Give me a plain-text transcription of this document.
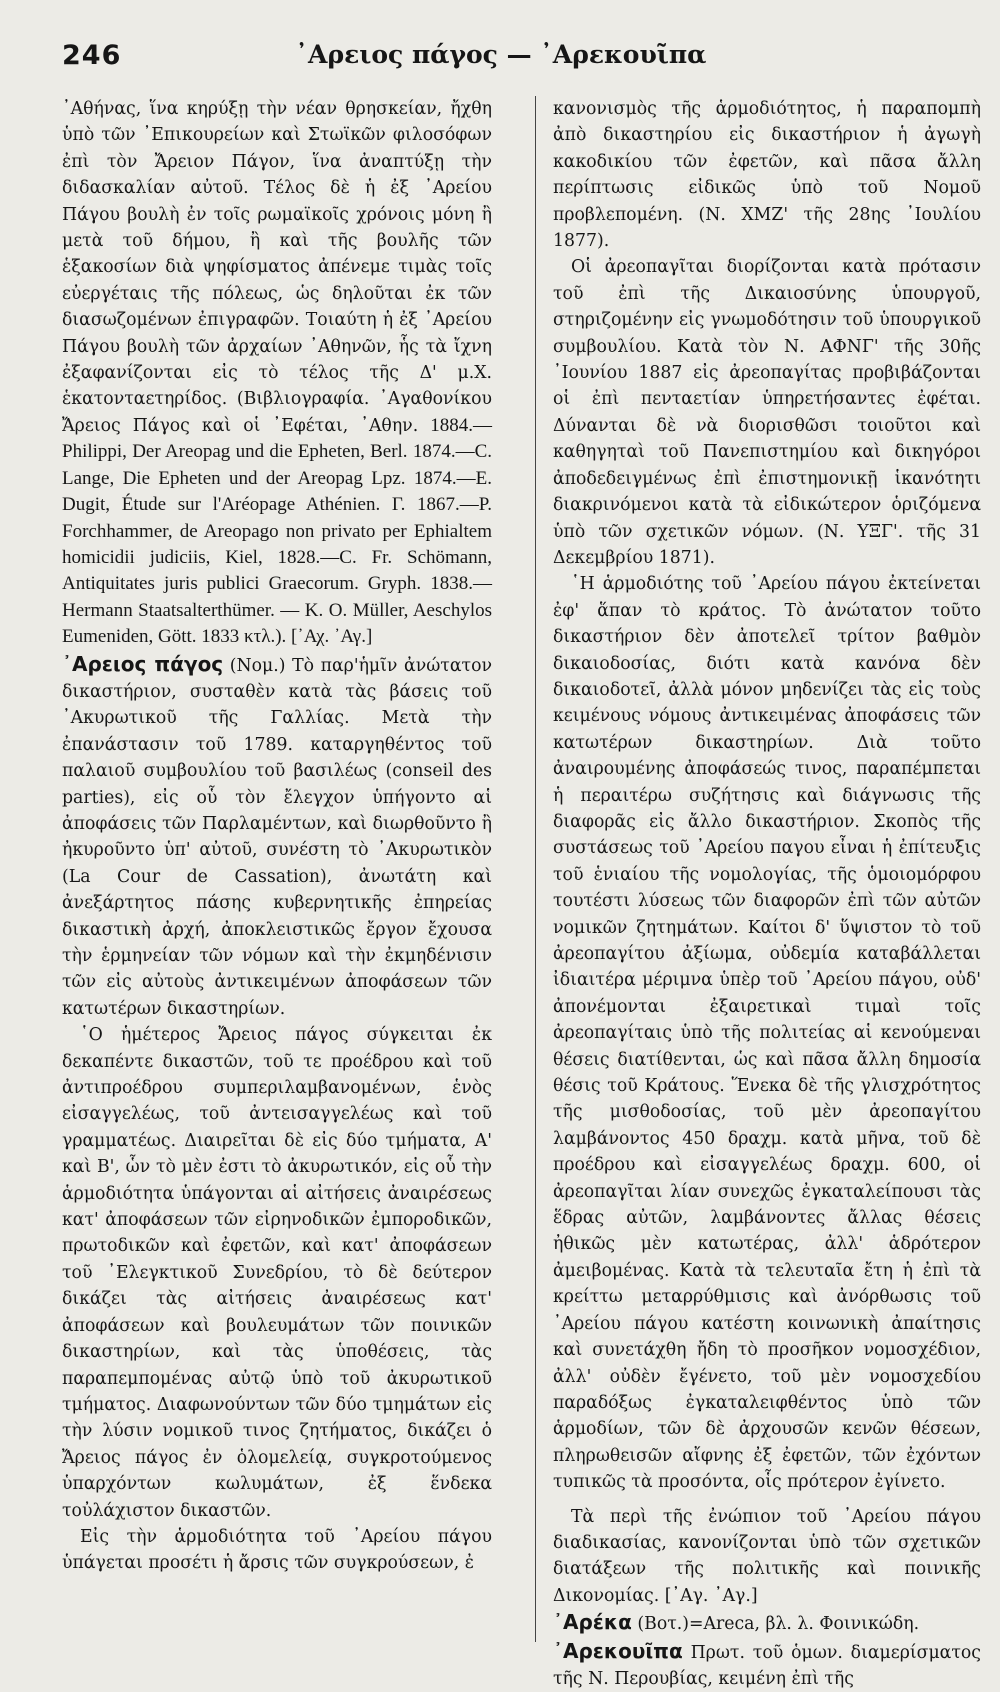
246	᾿Αρειος πάγος — ᾿Αρεκουῖπα

᾿Αθήνας, ἵνα κηρύξῃ τὴν νέαν θρησκείαν, ἤχθη ὑπὸ τῶν ᾿Επικουρείων καὶ Στωϊκῶν φιλοσόφων ἐπὶ τὸν Ἄρειον Πάγον, ἵνα ἀναπτύξῃ τὴν διδασκαλίαν αὐτοῦ. Τέλος δὲ ἡ ἐξ ᾿Αρείου Πάγου βουλὴ ἐν τοῖς ρωμαϊκοῖς χρόνοις μόνη ἢ μετὰ τοῦ δήμου, ἢ καὶ τῆς βουλῆς τῶν ἑξακοσίων διὰ ψηφίσματος ἀπένεμε τιμὰς τοῖς εὐεργέταις τῆς πόλεως, ὡς δηλοῦται ἐκ τῶν διασωζομένων ἐπιγραφῶν. Τοιαύτη ἡ ἐξ ᾿Αρείου Πάγου βουλὴ τῶν ἀρχαίων ᾿Αθηνῶν, ἧς τὰ ἴχνη ἐξαφανίζονται εἰς τὸ τέλος τῆς Δ' μ.Χ. ἑκατονταετηρίδος. (Βιβλιογραφία. ᾿Αγαθονίκου Ἄρειος Πάγος καὶ οἱ ᾿Εφέται, ᾿Αθην. 1884.—Philippi, Der Areopag und die Epheten, Berl. 1874.—C. Lange, Die Epheten und der Areopag Lpz. 1874.—E. Dugit, Étude sur l'Aréopage Athénien. Γ. 1867.—P. Forchhammer, de Areopago non privato per Ephialtem homicidii judiciis, Kiel, 1828.—C. Fr. Schömann, Antiquitates juris publici Graecorum. Gryph. 1838.—Hermann Staatsalterthümer. — K. O. Müller, Aeschylos Eumeniden, Gött. 1833 κτλ.). [᾿Αχ. ᾿Αγ.]

᾿Αρειος πάγος (Νομ.) Τὸ παρ'ἡμῖν ἀνώτατον δικαστήριον, συσταθὲν κατὰ τὰς βάσεις τοῦ ᾿Ακυρωτικοῦ τῆς Γαλλίας. Μετὰ τὴν ἐπανάστασιν τοῦ 1789. καταργηθέντος τοῦ παλαιοῦ συμβουλίου τοῦ βασιλέως (conseil des parties), εἰς οὗ τὸν ἔλεγχον ὑπήγοντο αἱ ἀποφάσεις τῶν Παρλαμέντων, καὶ διωρθοῦντο ἢ ἠκυροῦντο ὑπ' αὐτοῦ, συνέστη τὸ ᾿Ακυρωτικὸν (La Cour de Cassation), ἀνωτάτη καὶ ἀνεξάρτητος πάσης κυβερνητικῆς ἐπηρείας δικαστικὴ ἀρχή, ἀποκλειστικῶς ἔργον ἔχουσα τὴν ἑρμηνείαν τῶν νόμων καὶ τὴν ἐκμηδένισιν τῶν εἰς αὐτοὺς ἀντικειμένων ἀποφάσεων τῶν κατωτέρων δικαστηρίων.

῾Ο ἡμέτερος Ἄρειος πάγος σύγκειται ἐκ δεκαπέντε δικαστῶν, τοῦ τε προέδρου καὶ τοῦ ἀντιπροέδρου συμπεριλαμβανομένων, ἑνὸς εἰσαγγελέως, τοῦ ἀντεισαγγελέως καὶ τοῦ γραμματέως. Διαιρεῖται δὲ εἰς δύο τμήματα, Α' καὶ Β', ὧν τὸ μὲν ἐστι τὸ ἀκυρωτικόν, εἰς οὗ τὴν ἁρμοδιότητα ὑπάγονται αἱ αἰτήσεις ἀναιρέσεως κατ' ἀποφάσεων τῶν εἰρηνοδικῶν ἐμποροδικῶν, πρωτοδικῶν καὶ ἐφετῶν, καὶ κατ' ἀποφάσεων τοῦ ᾿Ελεγκτικοῦ Συνεδρίου, τὸ δὲ δεύτερον δικάζει τὰς αἰτήσεις ἀναιρέσεως κατ' ἀποφάσεων καὶ βουλευμάτων τῶν ποινικῶν δικαστηρίων, καὶ τὰς ὑποθέσεις, τὰς παραπεμπομένας αὐτῷ ὑπὸ τοῦ ἀκυρωτικοῦ τμήματος. Διαφωνούντων τῶν δύο τμημάτων εἰς τὴν λύσιν νομικοῦ τινος ζητήματος, δικάζει ὁ Ἄρειος πάγος ἐν ὁλομελείᾳ, συγκροτούμενος ὑπαρχόντων κωλυμάτων, ἐξ ἕνδεκα τοὐλάχιστον δικαστῶν.

Εἰς τὴν ἁρμοδιότητα τοῦ ᾿Αρείου πάγου ὑπάγεται προσέτι ἡ ἄρσις τῶν συγκρούσεων, ἐ

κανονισμὸς τῆς ἁρμοδιότητος, ἡ παραπομπὴ ἀπὸ δικαστηρίου εἰς δικαστήριον ἡ ἀγωγὴ κακοδικίου τῶν ἐφετῶν, καὶ πᾶσα ἄλλη περίπτωσις εἰδικῶς ὑπὸ τοῦ Νομοῦ προβλεπομένη. (Ν. ΧΜΖ' τῆς 28ης ᾿Ιουλίου 1877).

Οἱ ἀρεοπαγῖται διορίζονται κατὰ πρότασιν τοῦ ἐπὶ τῆς Δικαιοσύνης ὑπουργοῦ, στηριζομένην εἰς γνωμοδότησιν τοῦ ὑπουργικοῦ συμβουλίου. Κατὰ τὸν Ν. ΑΦΝΓ' τῆς 30ῆς ᾿Ιουνίου 1887 εἰς ἀρεοπαγίτας προβιβάζονται οἱ ἐπὶ πενταετίαν ὑπηρετήσαντες ἐφέται. Δύνανται δὲ νὰ διορισθῶσι τοιοῦτοι καὶ καθηγηταὶ τοῦ Πανεπιστημίου καὶ δικηγόροι ἀποδεδειγμένως ἐπὶ ἐπιστημονικῇ ἱκανότητι διακρινόμενοι κατὰ τὰ εἰδικώτερον ὁριζόμενα ὑπὸ τῶν σχετικῶν νόμων. (Ν. ΥΞΓ'. τῆς 31 Δεκεμβρίου 1871).

῾Η ἁρμοδιότης τοῦ ᾿Αρείου πάγου ἐκτείνεται ἐφ' ἅπαν τὸ κράτος. Τὸ ἀνώτατον τοῦτο δικαστήριον δὲν ἀποτελεῖ τρίτον βαθμὸν δικαιοδοσίας, διότι κατὰ κανόνα δὲν δικαιοδοτεῖ, ἀλλὰ μόνον μηδενίζει τὰς εἰς τοὺς κειμένους νόμους ἀντικειμένας ἀποφάσεις τῶν κατωτέρων δικαστηρίων. Διὰ τοῦτο ἀναιρουμένης ἀποφάσεώς τινος, παραπέμπεται ἡ περαιτέρω συζήτησις καὶ διάγνωσις τῆς διαφορᾶς εἰς ἄλλο δικαστήριον. Σκοπὸς τῆς συστάσεως τοῦ ᾿Αρείου παγου εἶναι ἡ ἐπίτευξις τοῦ ἑνιαίου τῆς νομολογίας, τῆς ὁμοιομόρφου τουτέστι λύσεως τῶν διαφορῶν ἐπὶ τῶν αὐτῶν νομικῶν ζητημάτων. Καίτοι δ' ὕψιστον τὸ τοῦ ἀρεοπαγίτου ἀξίωμα, οὐδεμία καταβάλλεται ἰδιαιτέρα μέριμνα ὑπὲρ τοῦ ᾿Αρείου πάγου, οὐδ' ἀπονέμονται ἐξαιρετικαὶ τιμαὶ τοῖς ἀρεοπαγίταις ὑπὸ τῆς πολιτείας αἱ κενούμεναι θέσεις διατίθενται, ὡς καὶ πᾶσα ἄλλη δημοσία θέσις τοῦ Κράτους. Ἕνεκα δὲ τῆς γλισχρότητος τῆς μισθοδοσίας, τοῦ μὲν ἀρεοπαγίτου λαμβάνοντος 450 δραχμ. κατὰ μῆνα, τοῦ δὲ προέδρου καὶ εἰσαγγελέως δραχμ. 600, οἱ ἀρεοπαγῖται λίαν συνεχῶς ἐγκαταλείπουσι τὰς ἕδρας αὐτῶν, λαμβάνοντες ἄλλας θέσεις ἠθικῶς μὲν κατωτέρας, ἀλλ' ἁδρότερον ἀμειβομένας. Κατὰ τὰ τελευταῖα ἔτη ἡ ἐπὶ τὰ κρείττω μεταρρύθμισις καὶ ἀνόρθωσις τοῦ ᾿Αρείου πάγου κατέστη κοινωνικὴ ἀπαίτησις καὶ συνετάχθη ἤδη τὸ προσῆκον νομοσχέδιον, ἀλλ' οὐδὲν ἔγένετο, τοῦ μὲν νομοσχεδίου παραδόξως ἐγκαταλειφθέντος ὑπὸ τῶν ἁρμοδίων, τῶν δὲ ἀρχουσῶν κενῶν θέσεων, πληρωθεισῶν αἴφνης ἐξ ἐφετῶν, τῶν ἐχόντων τυπικῶς τὰ προσόντα, οἷς πρότερον ἐγίνετο.

Τὰ περὶ τῆς ἐνώπιον τοῦ ᾿Αρείου πάγου διαδικασίας, κανονίζονται ὑπὸ τῶν σχετικῶν διατάξεων τῆς πολιτικῆς καὶ ποινικῆς Δικονομίας. [᾿Αγ. ᾿Αγ.]

᾿Αρέκα (Βοτ.)=Areca, βλ. λ. Φοινικώδη.

᾿Αρεκουῖπα Πρωτ. τοῦ ὁμων. διαμερίσματος τῆς Ν. Περουβίας, κειμένη ἐπὶ τῆς
